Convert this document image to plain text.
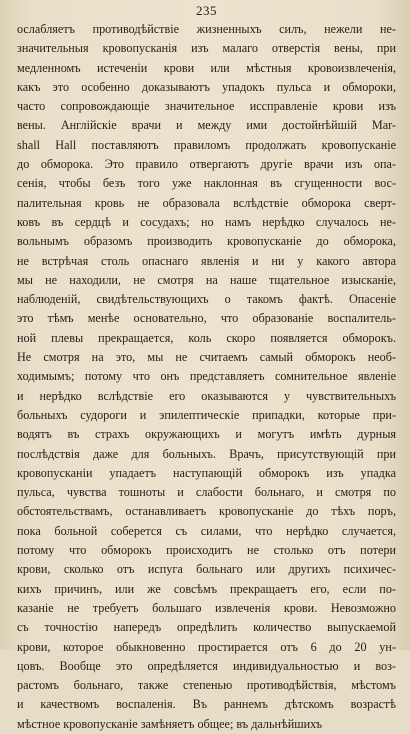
235
ослабляетъ противодѣйствіе жизненныхъ силъ, нежели не-
значительныя кровопусканія изъ малаго отверстія вены, при
медленномъ истеченіи крови или мѣстныя кровоизвлеченія,
какъ это особенно доказываютъ упадокъ пульса и обмороки,
часто сопровождающіе значительное иссправленіе крови изъ
вены. Англійскіе врачи и между ими достойнѣйшій Mar-
shall Hall поставляютъ правиломъ продолжать кровопусканіе
до обморока. Это правило отвергаютъ другіе врачи изъ опа-
сенія, чтобы безъ того уже наклонная въ сгущенности вос-
палительная кровь не образовала вслѣдствіе обморока сверт-
ковъ въ сердцѣ и сосудахъ; но намъ нерѣдко случалось не-
вольнымъ образомъ производить кровопусканіе до обморока,
не встрѣчая столь опаснаго явленія и ни у какого автора
мы не находили, не смотря на наше тщательное изысканіе,
наблюденій, свидѣтельствующихъ о такомъ фактѣ. Опасеніе
это тѣмъ менѣе основательно, что образованіе воспалитель-
ной плевы прекращается, коль скоро появляется обморокъ.
Не смотря на это, мы не считаемъ самый обморокъ необ-
ходимымъ; потому что онъ представляетъ сомнительное явленіе
и нерѣдко вслѣдствіе его оказываются у чувствительныхъ
больныхъ судороги и эпилептическіе припадки, которые при-
водятъ въ страхъ окружающихъ и могутъ имѣть дурныя
послѣдствія даже для больныхъ. Врачъ, присутствующій при
кровопусканіи упадаетъ наступающій обморокъ изъ упадка
пульса, чувства тошноты и слабости больнаго, и смотря по
обстоятельствамъ, останавливаетъ кровопусканіе до тѣхъ поръ,
пока больной соберется съ силами, что нерѣдко случается,
потому что обморокъ происходитъ не столько отъ потери
крови, сколько отъ испуга больнаго или другихъ психичес-
кихъ причинъ, или же совсѣмъ прекращаетъ его, если по-
казаніе не требуетъ большаго извлеченія крови. Невозможно
съ точностію напередъ опредѣлить количество выпускаемой
крови, которое обыкновенно простирается отъ 6 до 20 ун-
цовъ. Вообще это опредѣляется индивидуальностью и воз-
растомъ больнаго, также степенью противодѣйствія, мѣстомъ
и качествомъ воспаленія. Въ раннемъ дѣтскомъ возрастѣ
мѣстное кровопусканіе замѣняетъ общее; въ дальнѣйшихъ
